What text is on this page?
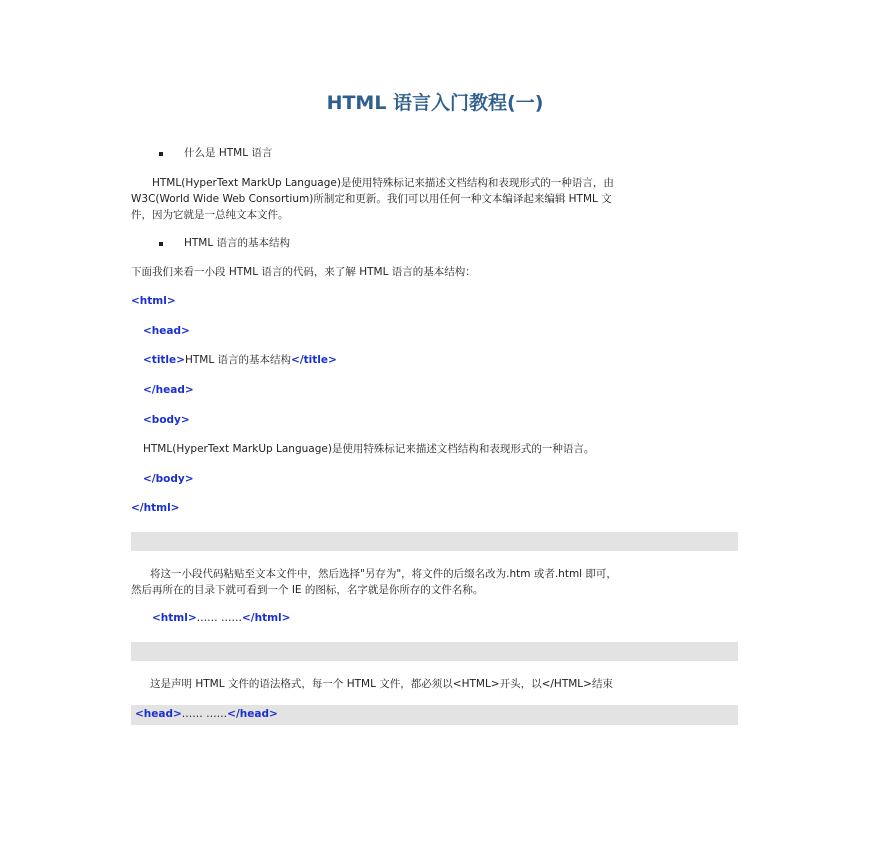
HTML 语言入门教程(一)
什么是 HTML 语言
HTML(HyperText MarkUp Language)是使用特殊标记来描述文档结构和表现形式的一种语言，由
W3C(World Wide Web Consortium)所制定和更新。我们可以用任何一种文本编译起来编辑 HTML 文
件，因为它就是一总纯文本文件。
HTML 语言的基本结构
下面我们来看一小段 HTML 语言的代码，来了解 HTML 语言的基本结构：
<html>
<head>
<title>HTML 语言的基本结构</title>
</head>
<body>
HTML(HyperText MarkUp Language)是使用特殊标记来描述文档结构和表现形式的一种语言。
</body>
</html>
将这一小段代码粘贴至文本文件中，然后选择"另存为"，将文件的后缀名改为.htm 或者.html 即可，
然后再所在的目录下就可看到一个 IE 的图标，名字就是你所存的文件名称。
<html>…… ……</html>
这是声明 HTML 文件的语法格式，每一个 HTML 文件，都必须以<HTML>开头，以</HTML>结束
<head>…… ……</head>
